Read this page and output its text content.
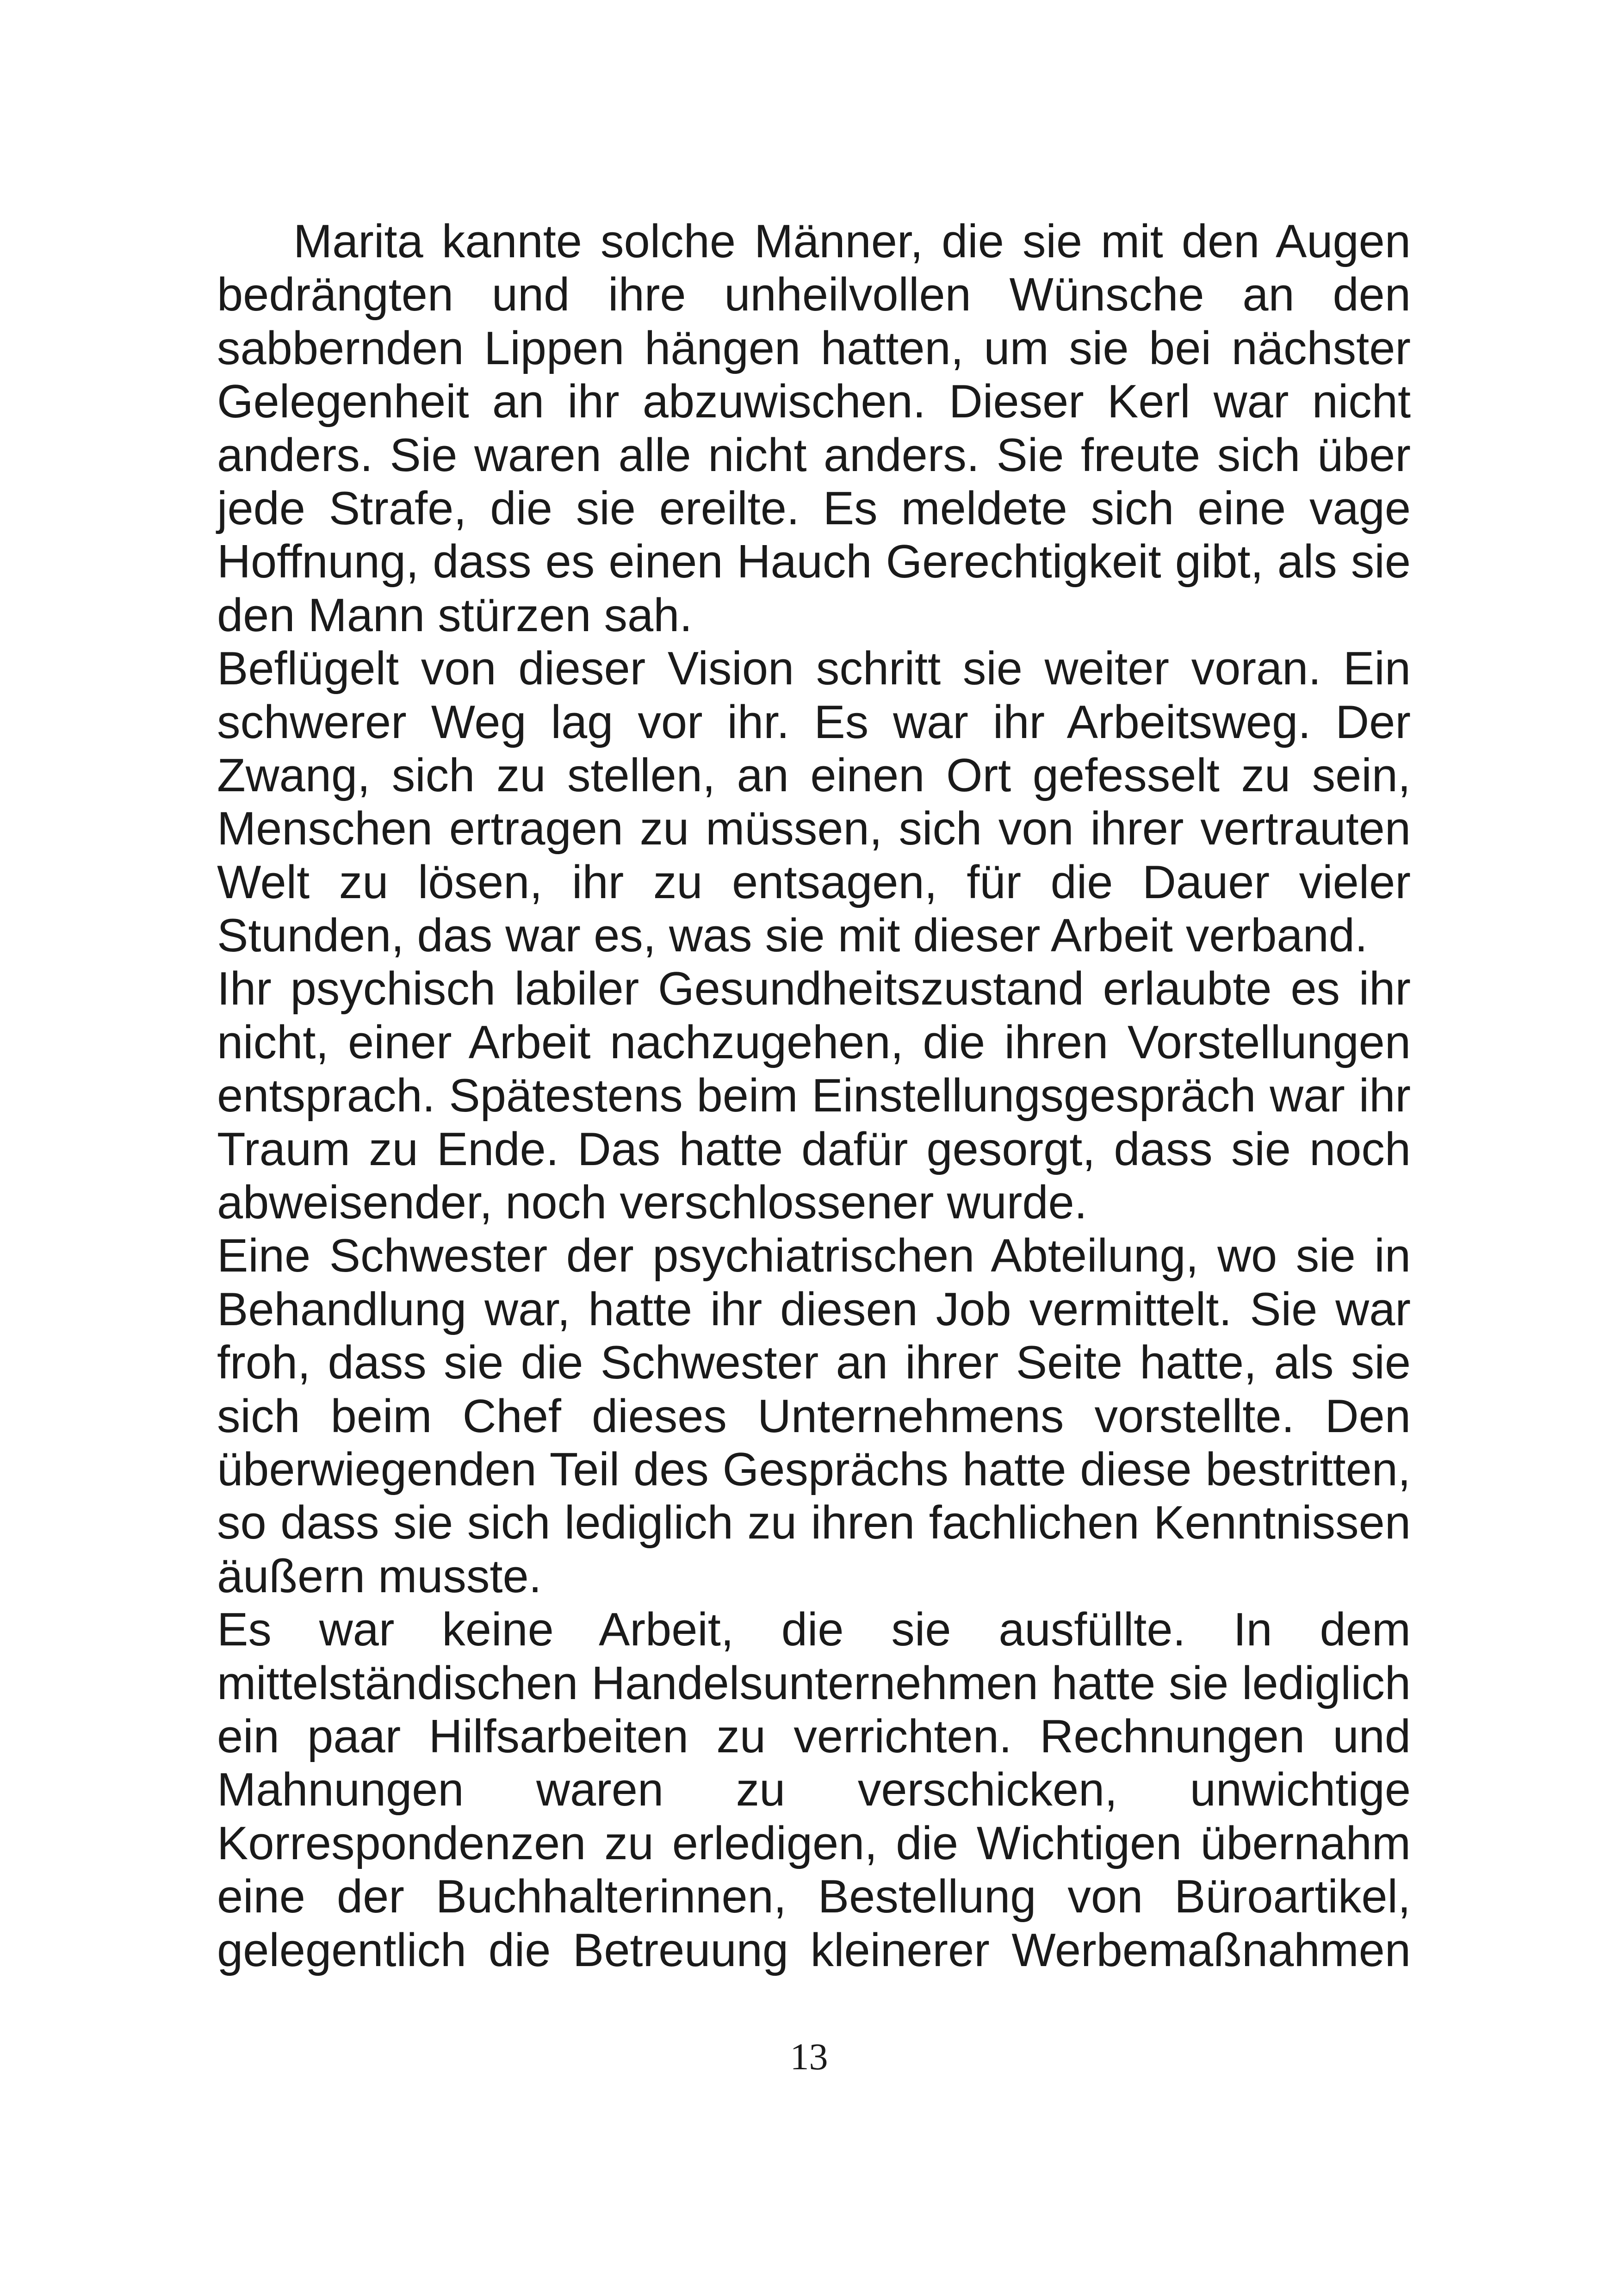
Marita kannte solche Männer, die sie mit den Augen
bedrängten und ihre unheilvollen Wünsche an den
sabbernden Lippen hängen hatten, um sie bei nächster
Gelegenheit an ihr abzuwischen. Dieser Kerl war nicht
anders. Sie waren alle nicht anders. Sie freute sich über
jede Strafe, die sie ereilte. Es meldete sich eine vage
Hoffnung, dass es einen Hauch Gerechtigkeit gibt, als sie
den Mann stürzen sah.
Beflügelt von dieser Vision schritt sie weiter voran. Ein
schwerer Weg lag vor ihr. Es war ihr Arbeitsweg. Der
Zwang, sich zu stellen, an einen Ort gefesselt zu sein,
Menschen ertragen zu müssen, sich von ihrer vertrauten
Welt zu lösen, ihr zu entsagen, für die Dauer vieler
Stunden, das war es, was sie mit dieser Arbeit verband.
Ihr psychisch labiler Gesundheitszustand erlaubte es ihr
nicht, einer Arbeit nachzugehen, die ihren Vorstellungen
entsprach. Spätestens beim Einstellungsgespräch war ihr
Traum zu Ende. Das hatte dafür gesorgt, dass sie noch
abweisender, noch verschlossener wurde.
Eine Schwester der psychiatrischen Abteilung, wo sie in
Behandlung war, hatte ihr diesen Job vermittelt. Sie war
froh, dass sie die Schwester an ihrer Seite hatte, als sie
sich beim Chef dieses Unternehmens vorstellte. Den
überwiegenden Teil des Gesprächs hatte diese bestritten,
so dass sie sich lediglich zu ihren fachlichen Kenntnissen
äußern musste.
Es war keine Arbeit, die sie ausfüllte. In dem
mittelständischen Handelsunternehmen hatte sie lediglich
ein paar Hilfsarbeiten zu verrichten. Rechnungen und
Mahnungen waren zu verschicken, unwichtige
Korrespondenzen zu erledigen, die Wichtigen übernahm
eine der Buchhalterinnen, Bestellung von Büroartikel,
gelegentlich die Betreuung kleinerer Werbemaßnahmen
13
